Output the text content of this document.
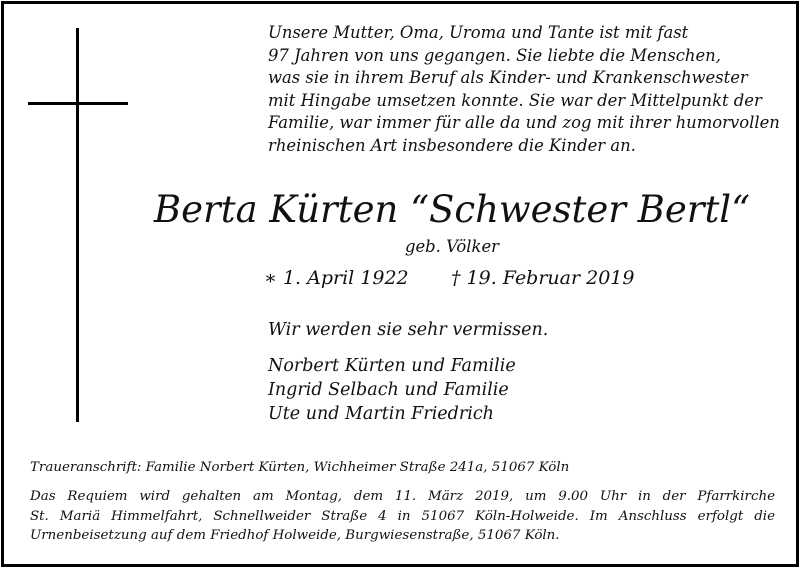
Unsere Mutter, Oma, Uroma und Tante ist mit fast
97 Jahren von uns gegangen. Sie liebte die Menschen,
was sie in ihrem Beruf als Kinder- und Krankenschwester
mit Hingabe umsetzen konnte. Sie war der Mittelpunkt der
Familie, war immer für alle da und zog mit ihrer humorvollen
rheinischen Art insbesondere die Kinder an.
Berta Kürten “Schwester Bertl“
geb. Völker
∗ 1. April 1922 † 19. Februar 2019
Wir werden sie sehr vermissen.
Norbert Kürten und Familie
Ingrid Selbach und Familie
Ute und Martin Friedrich
Traueranschrift: Familie Norbert Kürten, Wichheimer Straße 241a, 51067 Köln
Das Requiem wird gehalten am Montag, dem 11. März 2019, um 9.00 Uhr in der Pfarrkirche
St. Mariä Himmelfahrt, Schnellweider Straße 4 in 51067 Köln-Holweide. Im Anschluss erfolgt die
Urnenbeisetzung auf dem Friedhof Holweide, Burgwiesenstraße, 51067 Köln.
